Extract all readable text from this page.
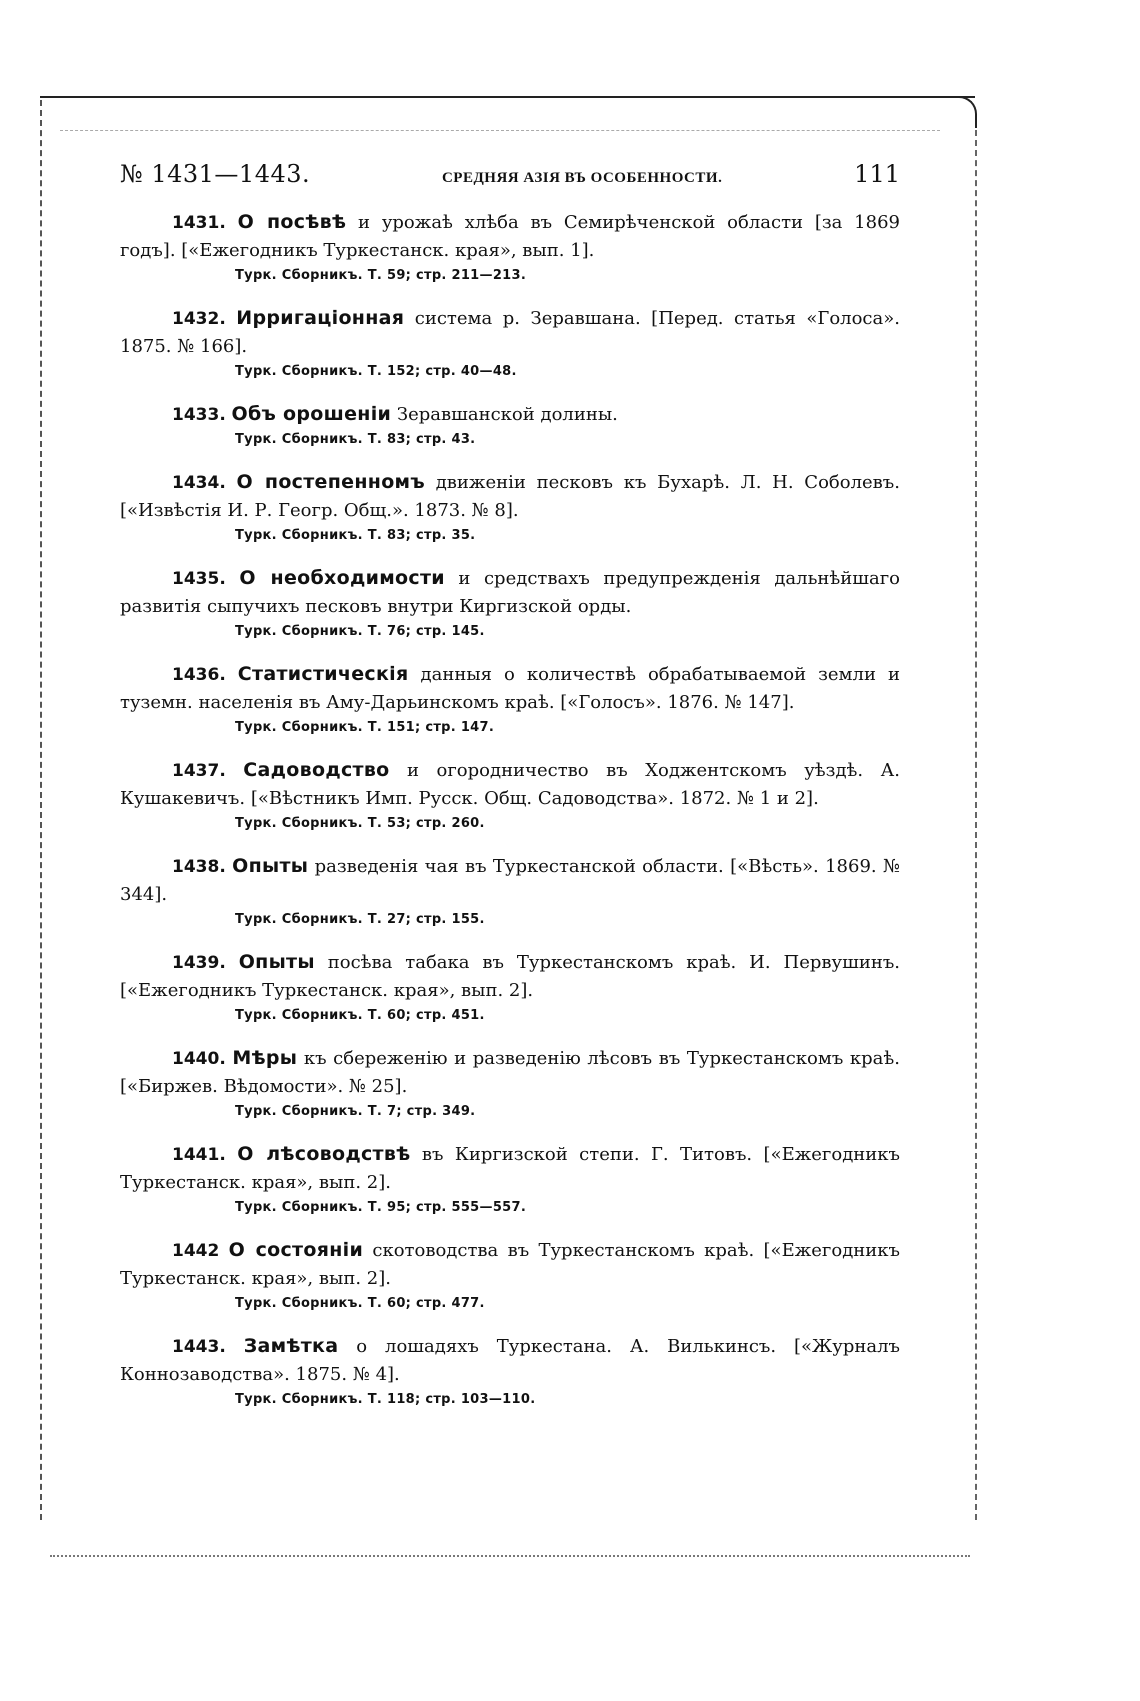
№ 1431—1443.	СРЕДНЯЯ АЗІЯ ВЪ ОСОБЕННОСТИ.	111
1431. О посѣвѣ и урожаѣ хлѣба въ Семирѣченской области [за 1869 годъ]. [«Ежегодникъ Туркестанск. края», вып. 1].
Турк. Сборникъ. Т. 59; стр. 211—213.
1432. Ирригаціонная система р. Зеравшана. [Перед. статья «Голоса». 1875. № 166].
Турк. Сборникъ. Т. 152; стр. 40—48.
1433. Объ орошеніи Зеравшанской долины.
Турк. Сборникъ. Т. 83; стр. 43.
1434. О постепенномъ движеніи песковъ къ Бухарѣ. Л. Н. Соболевъ. [«Извѣстія И. Р. Геогр. Общ.». 1873. № 8].
Турк. Сборникъ. Т. 83; стр. 35.
1435. О необходимости и средствахъ предупрежденія дальнѣйшаго развитія сыпучихъ песковъ внутри Киргизской орды.
Турк. Сборникъ. Т. 76; стр. 145.
1436. Статистическія данныя о количествѣ обрабатываемой земли и туземн. населенія въ Аму-Дарьинскомъ краѣ. [«Голосъ». 1876. № 147].
Турк. Сборникъ. Т. 151; стр. 147.
1437. Садоводство и огородничество въ Ходжентскомъ уѣздѣ. А. Кушакевичъ. [«Вѣстникъ Имп. Русск. Общ. Садоводства». 1872. № 1 и 2].
Турк. Сборникъ. Т. 53; стр. 260.
1438. Опыты разведенія чая въ Туркестанской области. [«Вѣсть». 1869. № 344].
Турк. Сборникъ. Т. 27; стр. 155.
1439. Опыты посѣва табака въ Туркестанскомъ краѣ. И. Первушинъ. [«Ежегодникъ Туркестанск. края», вып. 2].
Турк. Сборникъ. Т. 60; стр. 451.
1440. Мѣры къ сбереженію и разведенію лѣсовъ въ Туркестанскомъ краѣ. [«Биржев. Вѣдомости». № 25].
Турк. Сборникъ. Т. 7; стр. 349.
1441. О лѣсоводствѣ въ Киргизской степи. Г. Титовъ. [«Ежегодникъ Туркестанск. края», вып. 2].
Турк. Сборникъ. Т. 95; стр. 555—557.
1442 О состояніи скотоводства въ Туркестанскомъ краѣ. [«Ежегодникъ Туркестанск. края», вып. 2].
Турк. Сборникъ. Т. 60; стр. 477.
1443. Замѣтка о лошадяхъ Туркестана. А. Вилькинсъ. [«Журналъ Коннозаводства». 1875. № 4].
Турк. Сборникъ. Т. 118; стр. 103—110.
